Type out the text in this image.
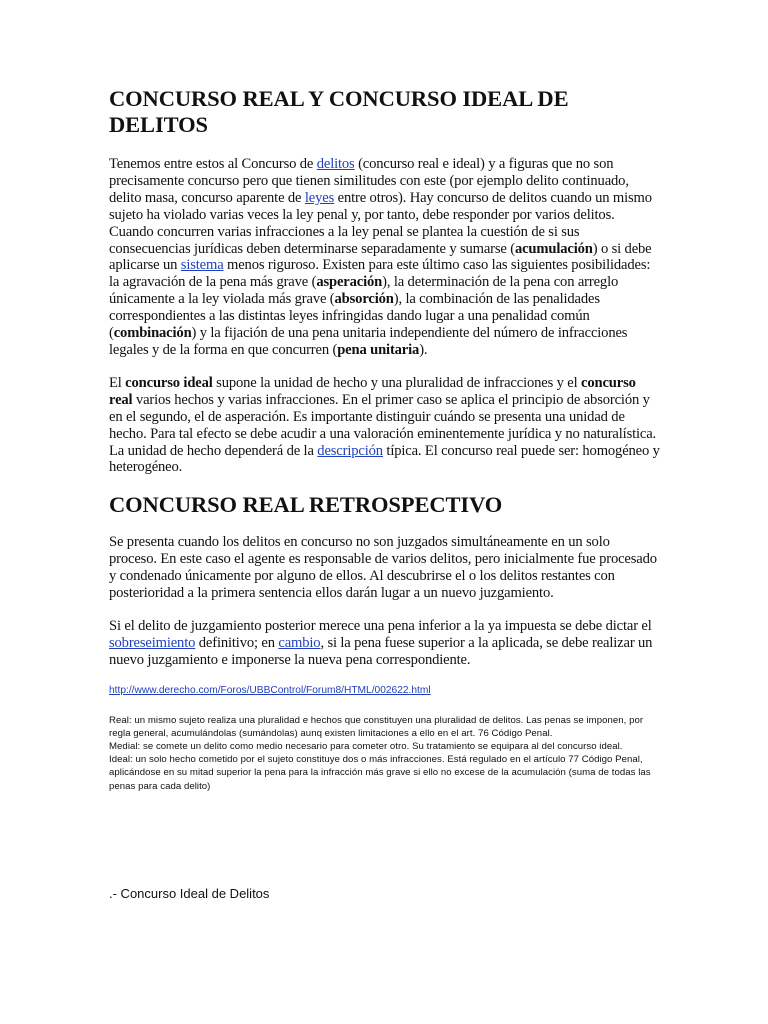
CONCURSO REAL Y CONCURSO IDEAL DE DELITOS

Tenemos entre estos al Concurso de delitos (concurso real e ideal) y a figuras que no son precisamente concurso pero que tienen similitudes con este (por ejemplo delito continuado, delito masa, concurso aparente de leyes entre otros). Hay concurso de delitos cuando un mismo sujeto ha violado varias veces la ley penal y, por tanto, debe responder por varios delitos. Cuando concurren varias infracciones a la ley penal se plantea la cuestión de si sus consecuencias jurídicas deben determinarse separadamente y sumarse (acumulación) o si debe aplicarse un sistema menos riguroso. Existen para este último caso las siguientes posibilidades: la agravación de la pena más grave (asperación), la determinación de la pena con arreglo únicamente a la ley violada más grave (absorción), la combinación de las penalidades correspondientes a las distintas leyes infringidas dando lugar a una penalidad común (combinación) y la fijación de una pena unitaria independiente del número de infracciones legales y de la forma en que concurren (pena unitaria).

El concurso ideal supone la unidad de hecho y una pluralidad de infracciones y el concurso real varios hechos y varias infracciones. En el primer caso se aplica el principio de absorción y en el segundo, el de asperación. Es importante distinguir cuándo se presenta una unidad de hecho. Para tal efecto se debe acudir a una valoración eminentemente jurídica y no naturalística. La unidad de hecho dependerá de la descripción típica. El concurso real puede ser: homogéneo y heterogéneo.

CONCURSO REAL RETROSPECTIVO

Se presenta cuando los delitos en concurso no son juzgados simultáneamente en un solo proceso. En este caso el agente es responsable de varios delitos, pero inicialmente fue procesado y condenado únicamente por alguno de ellos. Al descubrirse el o los delitos restantes con posterioridad a la primera sentencia ellos darán lugar a un nuevo juzgamiento.

Si el delito de juzgamiento posterior merece una pena inferior a la ya impuesta se debe dictar el sobreseimiento definitivo; en cambio, si la pena fuese superior a la aplicada, se debe realizar un nuevo juzgamiento e imponerse la nueva pena correspondiente.

http://www.derecho.com/Foros/UBBControl/Forum8/HTML/002622.html

Real: un mismo sujeto realiza una pluralidad e hechos que constituyen una pluralidad de delitos. Las penas se imponen, por regla general, acumulándolas (sumándolas) aunq existen limitaciones a ello en el art. 76 Código Penal.

Medial: se comete un delito como medio necesario para cometer otro. Su tratamiento se equipara al del concurso ideal.

Ideal: un solo hecho cometido por el sujeto constituye dos o más infracciones. Está regulado en el artículo 77 Código Penal, aplicándose en su mitad superior la pena para la infracción más grave si ello no excese de la acumulación (suma de todas las penas para cada delito)

.- Concurso Ideal de Delitos
